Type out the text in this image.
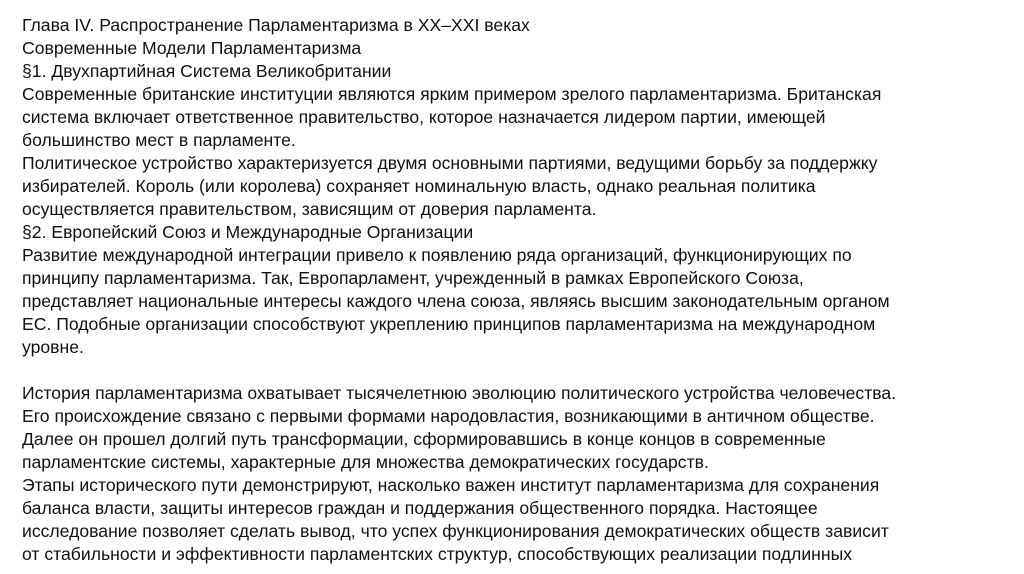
Глава IV. Распространение Парламентаризма в XX–XXI веках
Современные Модели Парламентаризма
§1. Двухпартийная Система Великобритании
Современные британские институции являются ярким примером зрелого парламентаризма. Британская
система включает ответственное правительство, которое назначается лидером партии, имеющей
большинство мест в парламенте.
Политическое устройство характеризуется двумя основными партиями, ведущими борьбу за поддержку
избирателей. Король (или королева) сохраняет номинальную власть, однако реальная политика
осуществляется правительством, зависящим от доверия парламента.
§2. Европейский Союз и Международные Организации
Развитие международной интеграции привело к появлению ряда организаций, функционирующих по
принципу парламентаризма. Так, Европарламент, учрежденный в рамках Европейского Союза,
представляет национальные интересы каждого члена союза, являясь высшим законодательным органом
ЕС. Подобные организации способствуют укреплению принципов парламентаризма на международном
уровне.
История парламентаризма охватывает тысячелетнюю эволюцию политического устройства человечества.
Его происхождение связано с первыми формами народовластия, возникающими в античном обществе.
Далее он прошел долгий путь трансформации, сформировавшись в конце концов в современные
парламентские системы, характерные для множества демократических государств.
Этапы исторического пути демонстрируют, насколько важен институт парламентаризма для сохранения
баланса власти, защиты интересов граждан и поддержания общественного порядка. Настоящее
исследование позволяет сделать вывод, что успех функционирования демократических обществ зависит
от стабильности и эффективности парламентских структур, способствующих реализации подлинных
